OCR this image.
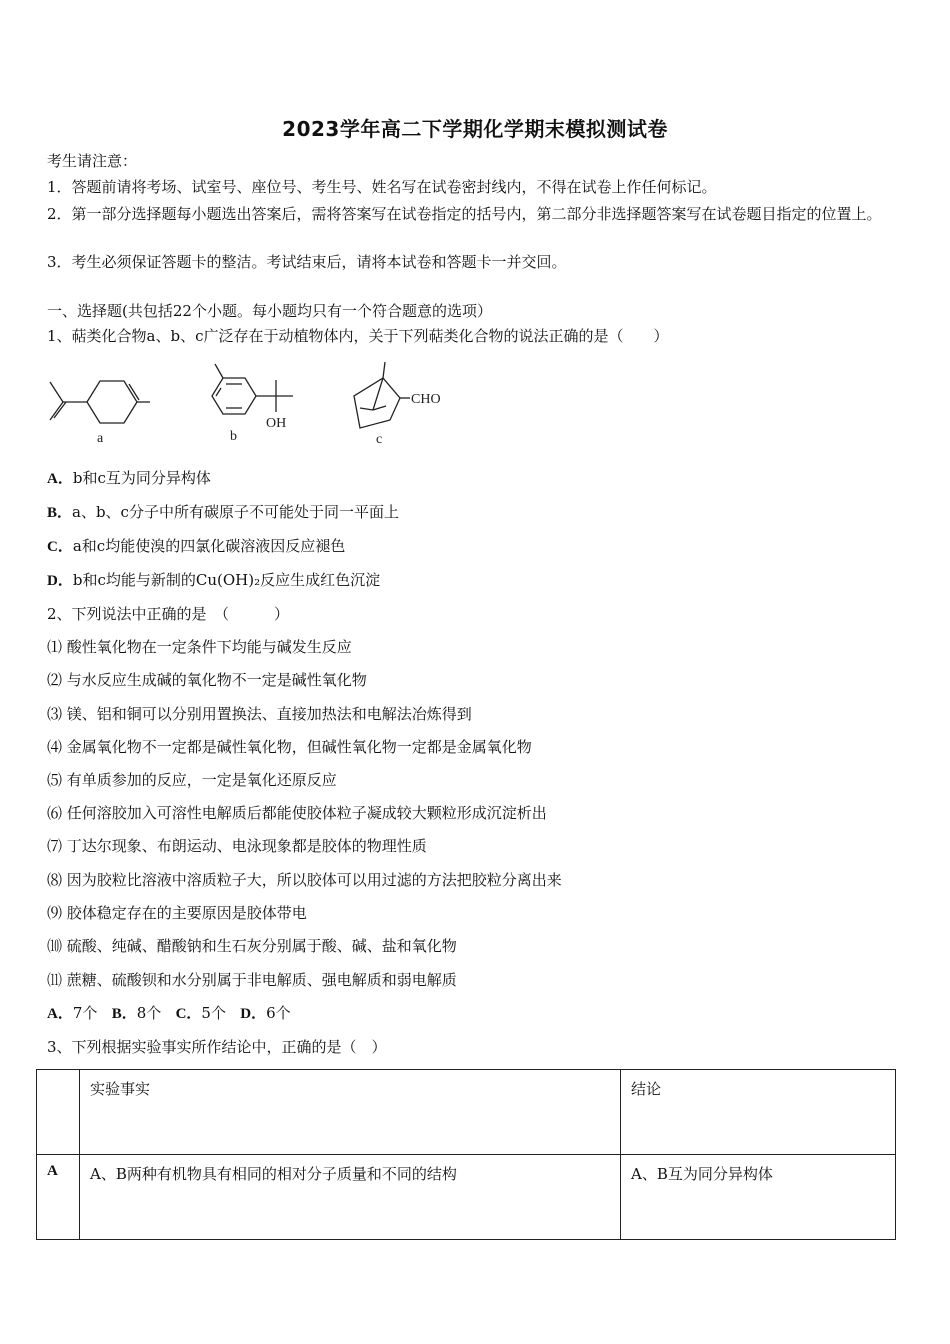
2023学年高二下学期化学期末模拟测试卷
考生请注意：
1．答题前请将考场、试室号、座位号、考生号、姓名写在试卷密封线内，不得在试卷上作任何标记。
2．第一部分选择题每小题选出答案后，需将答案写在试卷指定的括号内，第二部分非选择题答案写在试卷题目指定的位置上。
3．考生必须保证答题卡的整洁。考试结束后，请将本试卷和答题卡一并交回。
一、选择题(共包括22个小题。每小题均只有一个符合题意的选项）
1、萜类化合物a、b、c广泛存在于动植物体内，关于下列萜类化合物的说法正确的是（　　）
a	b
OH
c
CHO
A．b和c互为同分异构体
B．a、b、c分子中所有碳原子不可能处于同一平面上
C．a和c均能使溴的四氯化碳溶液因反应褪色
D．b和c均能与新制的Cu(OH)₂反应生成红色沉淀
2、下列说法中正确的是　（　　　）
⑴ 酸性氧化物在一定条件下均能与碱发生反应
⑵ 与水反应生成碱的氧化物不一定是碱性氧化物
⑶ 镁、铝和铜可以分别用置换法、直接加热法和电解法冶炼得到
⑷ 金属氧化物不一定都是碱性氧化物，但碱性氧化物一定都是金属氧化物
⑸ 有单质参加的反应，一定是氧化还原反应
⑹ 任何溶胶加入可溶性电解质后都能使胶体粒子凝成较大颗粒形成沉淀析出
⑺ 丁达尔现象、布朗运动、电泳现象都是胶体的物理性质
⑻ 因为胶粒比溶液中溶质粒子大，所以胶体可以用过滤的方法把胶粒分离出来
⑼ 胶体稳定存在的主要原因是胶体带电
⑽ 硫酸、纯碱、醋酸钠和生石灰分别属于酸、碱、盐和氧化物
⑾ 蔗糖、硫酸钡和水分别属于非电解质、强电解质和弱电解质
A．7个 B．8个 C．5个 D．6个
3、下列根据实验事实所作结论中，正确的是（　）
	实验事实	结论
A	A、B两种有机物具有相同的相对分子质量和不同的结构	A、B互为同分异构体
